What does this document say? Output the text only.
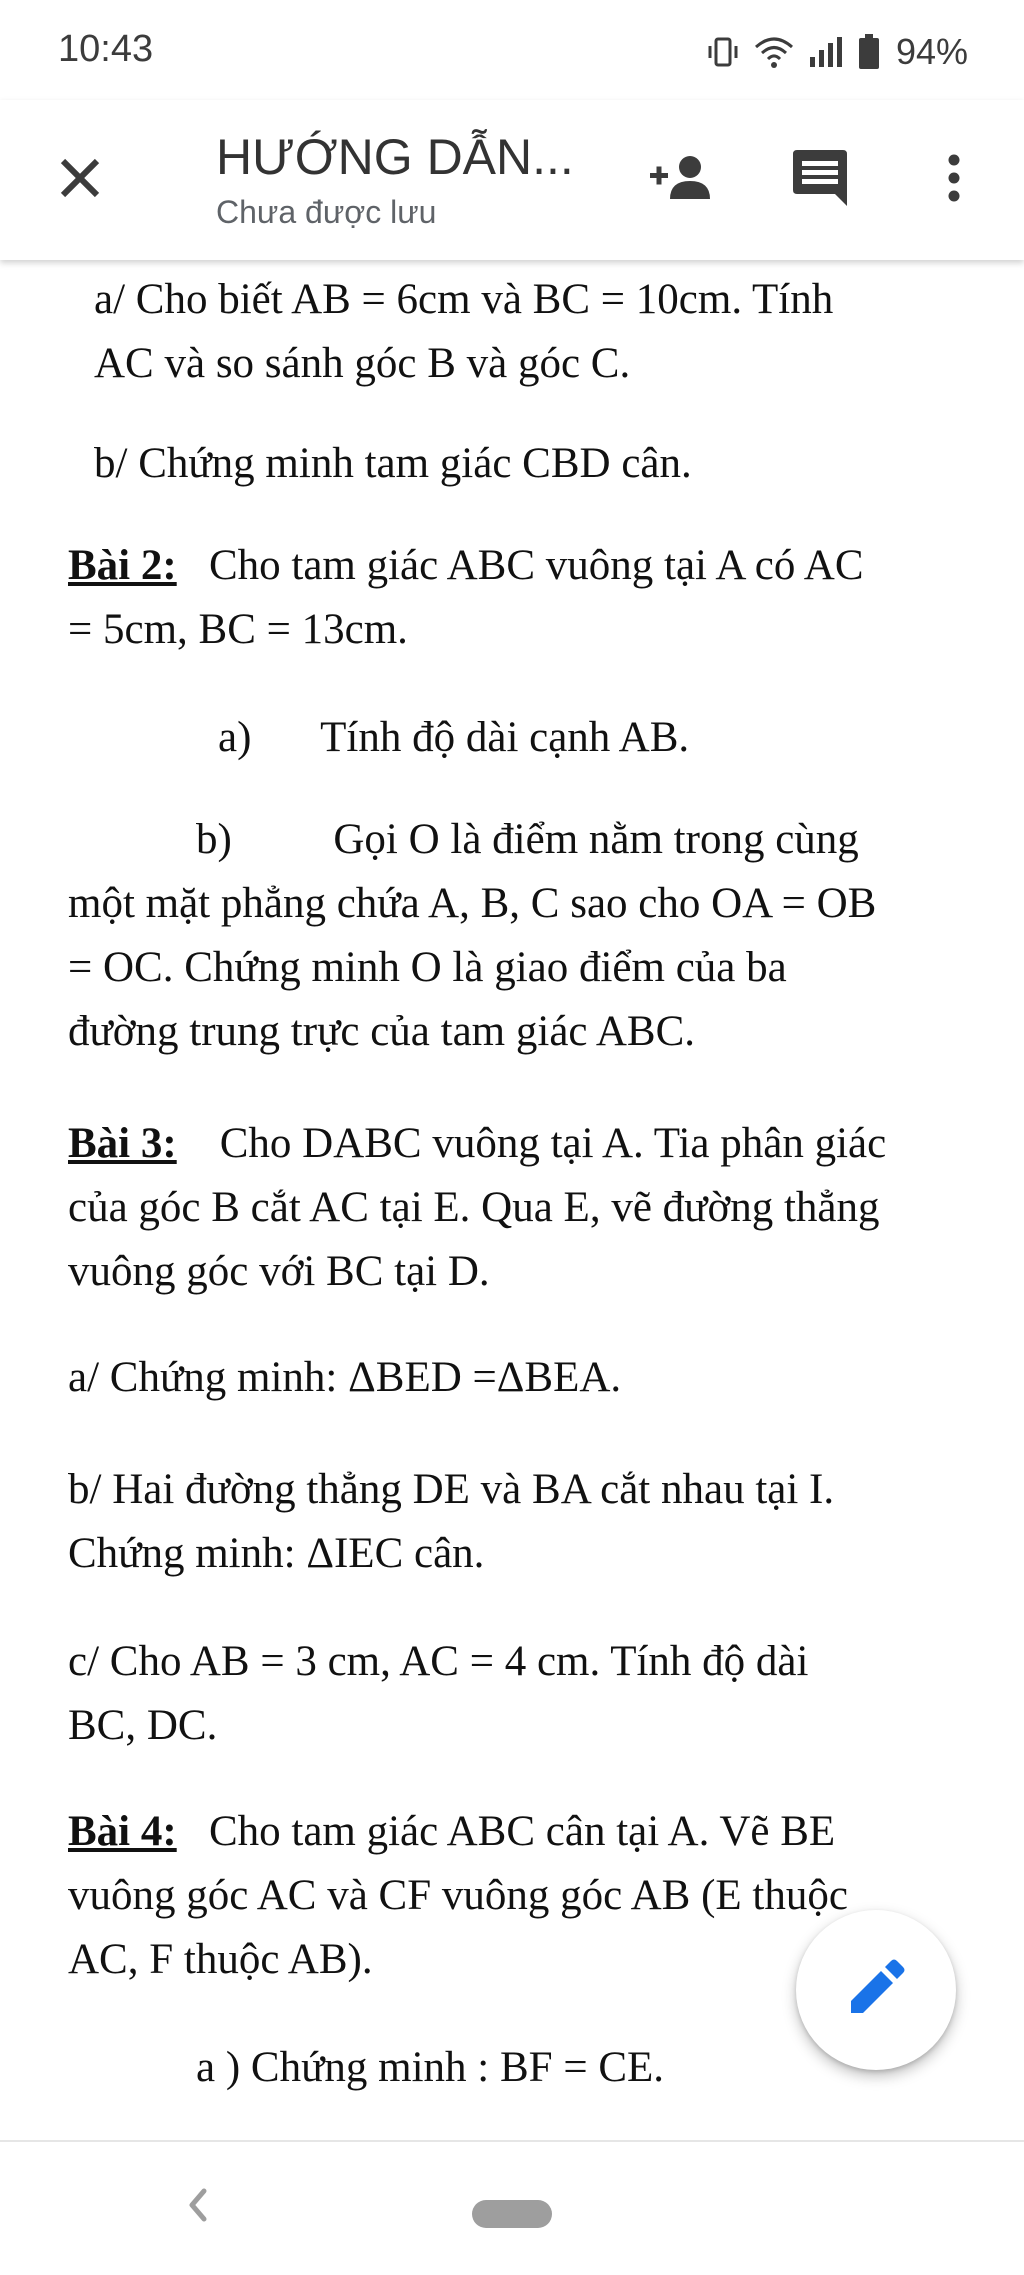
10:43	94%
HƯỚNG DẪN...
Chưa được lưu

a/ Cho biết AB = 6cm và BC = 10cm. Tính

AC và so sánh góc B và góc C.

b/ Chứng minh tam giác CBD cân.

Bài 2: Cho tam giác ABC vuông tại A có AC

= 5cm, BC = 13cm.

a) Tính độ dài cạnh AB.

b) Gọi O là điểm nằm trong cùng

một mặt phẳng chứa A, B, C sao cho OA = OB

= OC. Chứng minh O là giao điểm của ba

đường trung trực của tam giác ABC.

Bài 3: Cho DABC vuông tại A. Tia phân giác

của góc B cắt AC tại E. Qua E, vẽ đường thẳng

vuông góc với BC tại D.

a/ Chứng minh: ΔBED =ΔBEA.

b/ Hai đường thẳng DE và BA cắt nhau tại I.

Chứng minh: ΔIEC cân.

c/ Cho AB = 3 cm, AC = 4 cm. Tính độ dài

BC, DC.

Bài 4: Cho tam giác ABC cân tại A. Vẽ BE

vuông góc AC và CF vuông góc AB (E thuộc

AC, F thuộc AB).

a ) Chứng minh : BF = CE.
